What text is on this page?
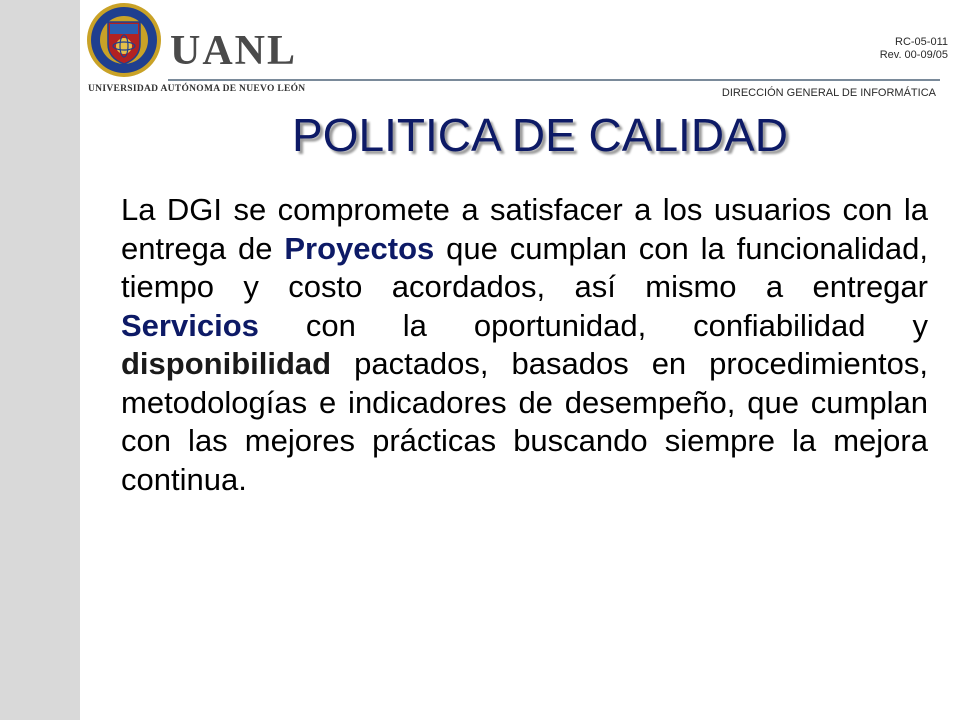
UANL
UNIVERSIDAD AUTÓNOMA DE NUEVO LEÓN
RC-05-011
Rev. 00-09/05
DIRECCIÓN GENERAL DE INFORMÁTICA
POLITICA DE CALIDAD

La DGI se compromete a satisfacer a los usuarios con la entrega de Proyectos que cumplan con la funcionalidad, tiempo y costo acordados, así mismo a entregar Servicios con la oportunidad, confiabilidad y disponibilidad pactados, basados en procedimientos, metodologías e indicadores de desempeño, que cumplan con las mejores prácticas buscando siempre la mejora continua.
